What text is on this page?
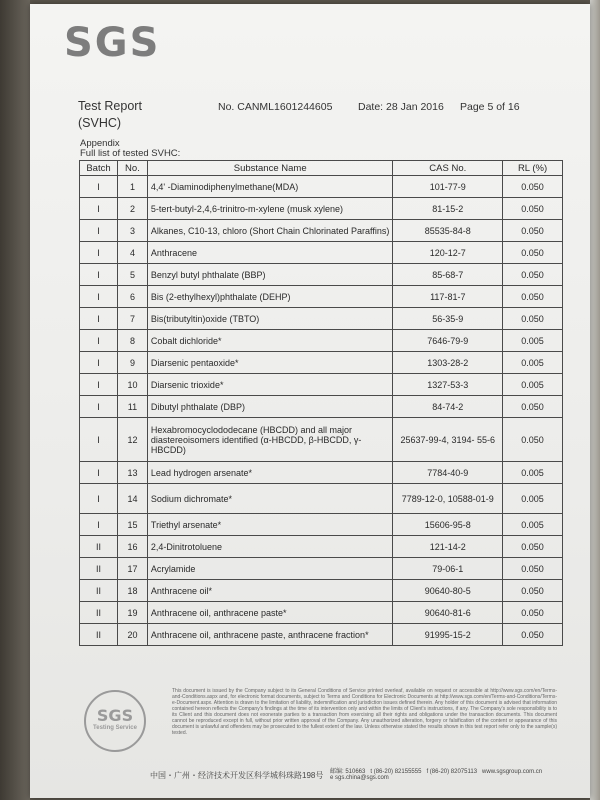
SGS
Test Report
(SVHC)
No. CANML1601244605 Date: 28 Jan 2016 Page 5 of 16
Appendix
Full list of tested SVHC:
Batch	No.	Substance Name	CAS No.	RL (%)
I	1	4,4' -Diaminodiphenylmethane(MDA)	101-77-9	0.050
I	2	5-tert-butyl-2,4,6-trinitro-m-xylene (musk xylene)	81-15-2	0.050
I	3	Alkanes, C10-13, chloro (Short Chain Chlorinated Paraffins)	85535-84-8	0.050
I	4	Anthracene	120-12-7	0.050
I	5	Benzyl butyl phthalate (BBP)	85-68-7	0.050
I	6	Bis (2-ethylhexyl)phthalate (DEHP)	117-81-7	0.050
I	7	Bis(tributyltin)oxide (TBTO)	56-35-9	0.050
I	8	Cobalt dichloride*	7646-79-9	0.005
I	9	Diarsenic pentaoxide*	1303-28-2	0.005
I	10	Diarsenic trioxide*	1327-53-3	0.005
I	11	Dibutyl phthalate (DBP)	84-74-2	0.050
I	12	Hexabromocyclododecane (HBCDD) and all major diastereoisomers identified (α-HBCDD, β-HBCDD, γ-HBCDD)	25637-99-4, 3194- 55-6	0.050
I	13	Lead hydrogen arsenate*	7784-40-9	0.005
I	14	Sodium dichromate*	7789-12-0, 10588-01-9	0.005
I	15	Triethyl arsenate*	15606-95-8	0.005
II	16	2,4-Dinitrotoluene	121-14-2	0.050
II	17	Acrylamide	79-06-1	0.050
II	18	Anthracene oil*	90640-80-5	0.050
II	19	Anthracene oil, anthracene paste*	90640-81-6	0.050
II	20	Anthracene oil, anthracene paste, anthracene fraction*	91995-15-2	0.050
SGS
Testing Service
This document is issued by the Company subject to its General Conditions of Service printed overleaf, available on request or accessible at http://www.sgs.com/en/Terms-and-Conditions.aspx and, for electronic format documents, subject to Terms and Conditions for Electronic Documents at http://www.sgs.com/en/Terms-and-Conditions/Terms-e-Document.aspx. Attention is drawn to the limitation of liability, indemnification and jurisdiction issues defined therein. Any holder of this document is advised that information contained hereon reflects the Company's findings at the time of its intervention only and within the limits of Client's instructions, if any. The Company's sole responsibility is to its Client and this document does not exonerate parties to a transaction from exercising all their rights and obligations under the transaction documents. This document cannot be reproduced except in full, without prior written approval of the Company. Any unauthorized alteration, forgery or falsification of the content or appearance of this document is unlawful and offenders may be prosecuted to the fullest extent of the law. Unless otherwise stated the results shown in this test report refer only to the sample(s) tested.
中国・广州・经济技术开发区科学城科珠路198号 邮编: 510663 t (86-20) 82155555 f (86-20) 82075113 www.sgsgroup.com.cn
e sgs.china@sgs.com
